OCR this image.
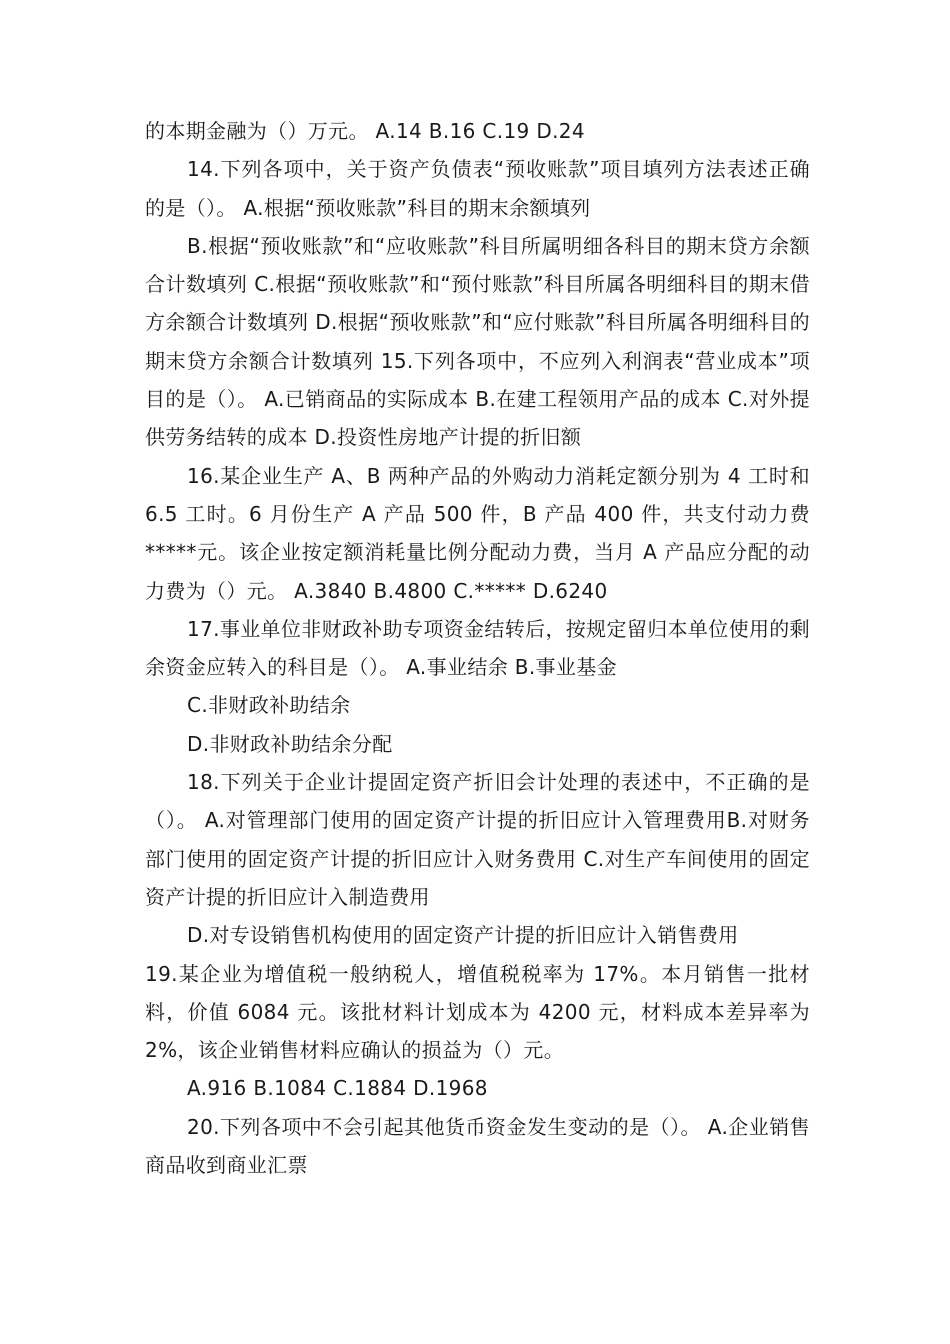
的本期金融为（）万元。 A.14 B.16 C.19 D.24

14.下列各项中，关于资产负债表“预收账款”项目填列方法表述正确的是（）。 A.根据“预收账款”科目的期末余额填列

B.根据“预收账款”和“应收账款”科目所属明细各科目的期末贷方余额合计数填列 C.根据“预收账款”和“预付账款”科目所属各明细科目的期末借方余额合计数填列 D.根据“预收账款”和“应付账款”科目所属各明细科目的期末贷方余额合计数填列 15.下列各项中，不应列入利润表“营业成本”项目的是（）。 A.已销商品的实际成本 B.在建工程领用产品的成本 C.对外提供劳务结转的成本 D.投资性房地产计提的折旧额

16.某企业生产 A、B 两种产品的外购动力消耗定额分别为 4 工时和 6.5 工时。6 月份生产 A 产品 500 件，B 产品 400 件，共支付动力费*****元。该企业按定额消耗量比例分配动力费，当月 A 产品应分配的动力费为（）元。 A.3840 B.4800 C.***** D.6240

17.事业单位非财政补助专项资金结转后，按规定留归本单位使用的剩余资金应转入的科目是（）。 A.事业结余 B.事业基金

C.非财政补助结余

D.非财政补助结余分配

18.下列关于企业计提固定资产折旧会计处理的表述中，不正确的是（）。 A.对管理部门使用的固定资产计提的折旧应计入管理费用B.对财务部门使用的固定资产计提的折旧应计入财务费用 C.对生产车间使用的固定资产计提的折旧应计入制造费用

D.对专设销售机构使用的固定资产计提的折旧应计入销售费用

19.某企业为增值税一般纳税人，增值税税率为 17%。本月销售一批材料，价值 6084 元。该批材料计划成本为 4200 元，材料成本差异率为 2%，该企业销售材料应确认的损益为（）元。

A.916 B.1084 C.1884 D.1968

20.下列各项中不会引起其他货币资金发生变动的是（）。 A.企业销售商品收到商业汇票
